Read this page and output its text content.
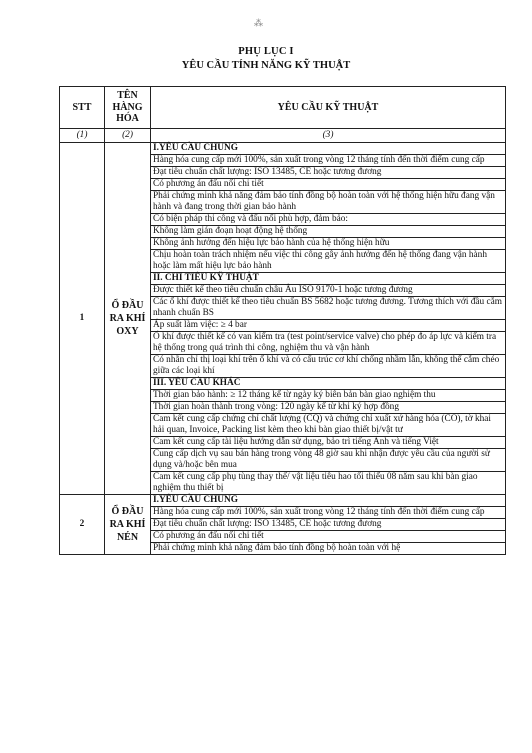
⁂
PHỤ LỤC I
YÊU CẦU TÍNH NĂNG KỸ THUẬT
STT	TÊN HÀNG HÓA	YÊU CẦU KỸ THUẬT
(1)	(2)	(3)
1	Ổ ĐẦU RA KHÍ OXY	I.YÊU CẦU CHUNG
		Hàng hóa cung cấp mới 100%, sản xuất trong vòng 12 tháng tính đến thời điểm cung cấp
		Đạt tiêu chuẩn chất lượng: ISO 13485, CE hoặc tương đương
		Có phương án đấu nối chi tiết
		Phải chứng minh khả năng đảm bảo tính đồng bộ hoàn toàn với hệ thống hiện hữu đang vận hành và đang trong thời gian bảo hành
		Có biện pháp thi công và đấu nối phù hợp, đảm bảo:
		Không làm gián đoạn hoạt động hệ thống
		Không ảnh hưởng đến hiệu lực bảo hành của hệ thống hiện hữu
		Chịu hoàn toàn trách nhiệm nếu việc thi công gây ảnh hưởng đến hệ thống đang vận hành hoặc làm mất hiệu lực bảo hành
		II. CHỈ TIÊU KỸ THUẬT
		Được thiết kế theo tiêu chuẩn châu Âu ISO 9170-1 hoặc tương đương
		Các ổ khí được thiết kế theo tiêu chuẩn BS 5682 hoặc tương đương. Tương thích với đầu cắm nhanh chuẩn BS
		Áp suất làm việc: ≥ 4 bar
		Ổ khí được thiết kế có van kiểm tra (test point/service valve) cho phép đo áp lực và kiểm tra hệ thống trong quá trình thi công, nghiệm thu và vận hành
		Có nhãn chỉ thị loại khí trên ổ khí và có cấu trúc cơ khí chống nhầm lẫn, không thể cắm chéo giữa các loại khí
		III. YÊU CẦU KHÁC
		Thời gian bảo hành: ≥ 12 tháng kể từ ngày ký biên bản bàn giao nghiệm thu
		Thời gian hoàn thành trong vòng: 120 ngày kể từ khi ký hợp đồng
		Cam kết cung cấp chứng chỉ chất lượng (CQ) và chứng chỉ xuất xứ hàng hóa (CO), tờ khai hải quan, Invoice, Packing list kèm theo khi bàn giao thiết bị/vật tư
		Cam kết cung cấp tài liệu hướng dẫn sử dụng, bảo trì tiếng Anh và tiếng Việt
		Cung cấp dịch vụ sau bán hàng trong vòng 48 giờ sau khi nhận được yêu cầu của người sử dụng và/hoặc bên mua
		Cam kết cung cấp phụ tùng thay thế/ vật liệu tiêu hao tối thiểu 08 năm sau khi bàn giao nghiệm thu thiết bị
2	Ổ ĐẦU RA KHÍ NÉN	I.YÊU CẦU CHUNG
		Hàng hóa cung cấp mới 100%, sản xuất trong vòng 12 tháng tính đến thời điểm cung cấp
		Đạt tiêu chuẩn chất lượng: ISO 13485, CE hoặc tương đương
		Có phương án đấu nối chi tiết
		Phải chứng minh khả năng đảm bảo tính đồng bộ hoàn toàn với hệ
